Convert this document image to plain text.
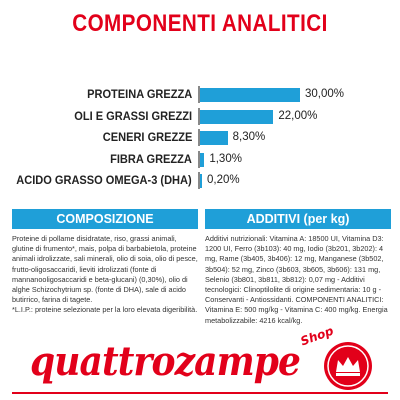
COMPONENTI ANALITICI
PROTEINA GREZZA	30,00%
OLI E GRASSI GREZZI	22,00%
CENERI GREZZE	8,30%
FIBRA GREZZA 1,30%
ACIDO GRASSO OMEGA-3 (DHA) 0,20%
COMPOSIZIONE	ADDITIVI (per kg)

Proteine di pollame disidratate, riso, grassi animali, glutine di frumento*, mais, polpa di barbabietola, proteine animali idrolizzate, sali minerali, olio di soia, olio di pesce, frutto-oligosaccaridi, lieviti idrolizzati (fonte di mannanooligosaccaridi e beta-glucani) (0,30%), olio di alghe Schizochytrium sp. (fonte di DHA), sale di acido butirrico, farina di tagete.

*L.I.P.: proteine selezionate per la loro elevata digeribilità.

Additivi nutrizionali: Vitamina A: 18500 UI, Vitamina D3: 1200 UI, Ferro (3b103): 40 mg, Iodio (3b201, 3b202): 4 mg, Rame (3b405, 3b406): 12 mg, Manganese (3b502, 3b504): 52 mg, Zinco (3b603, 3b605, 3b606): 131 mg, Selenio (3b801, 3b811, 3b812): 0,07 mg - Additivi tecnologici: Clinoptilolite di origine sedimentaria: 10 g - Conservanti - Antiossidanti. COMPONENTI ANALITICI: Vitamina E: 500 mg/kg - Vitamina C: 400 mg/kg. Energia metabolizzabile: 4216 kcal/kg.

quattrozampe
Shop
